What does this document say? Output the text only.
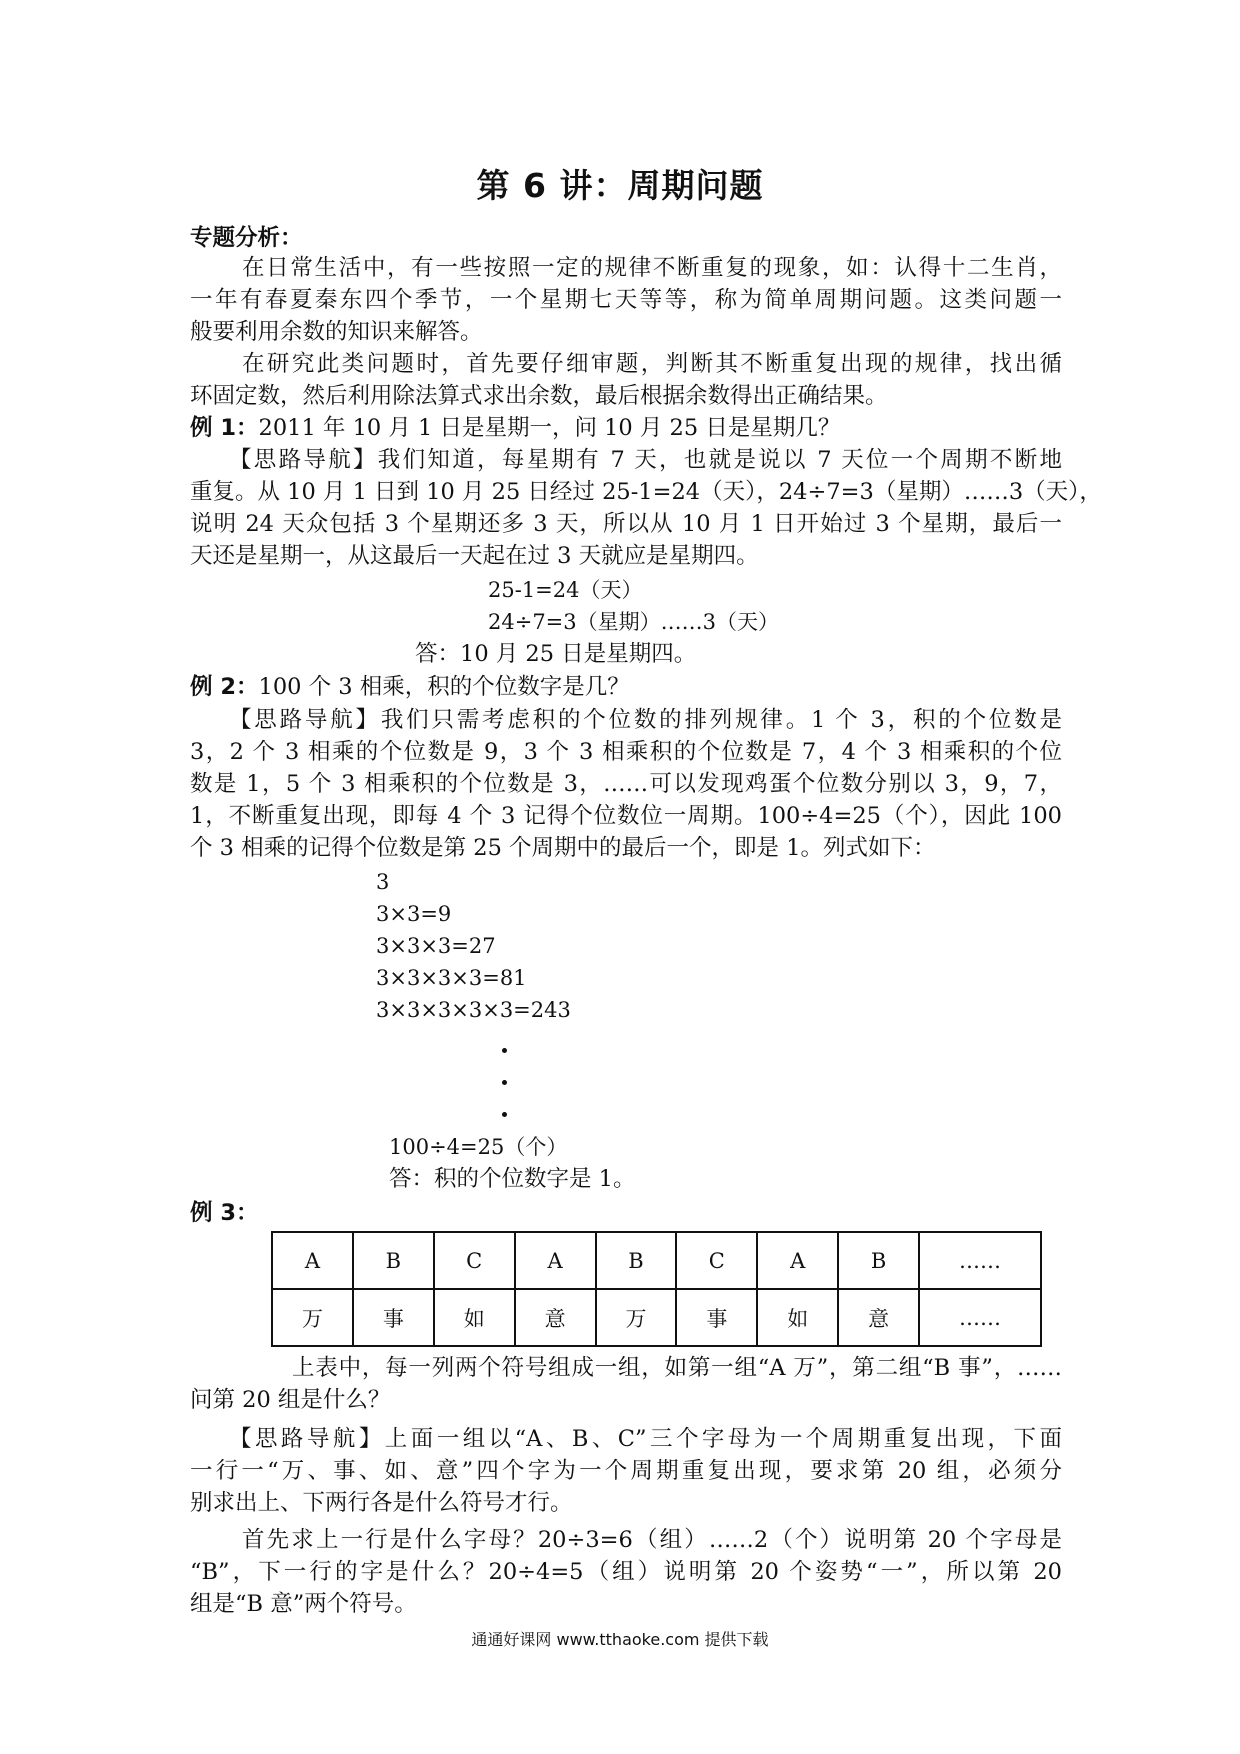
第 6 讲：周期问题
专题分析：
在日常生活中，有一些按照一定的规律不断重复的现象，如：认得十二生肖，
一年有春夏秦东四个季节，一个星期七天等等，称为简单周期问题。这类问题一
般要利用余数的知识来解答。
在研究此类问题时，首先要仔细审题，判断其不断重复出现的规律，找出循
环固定数，然后利用除法算式求出余数，最后根据余数得出正确结果。
例 1：2011 年 10 月 1 日是星期一，问 10 月 25 日是星期几？
【思路导航】我们知道，每星期有 7 天，也就是说以 7 天位一个周期不断地
重复。从 10 月 1 日到 10 月 25 日经过 25-1=24（天），24÷7=3（星期）……3（天），
说明 24 天众包括 3 个星期还多 3 天，所以从 10 月 1 日开始过 3 个星期，最后一
天还是星期一，从这最后一天起在过 3 天就应是星期四。
25-1=24（天）
24÷7=3（星期）……3（天）
答：10 月 25 日是星期四。
例 2：100 个 3 相乘，积的个位数字是几？
【思路导航】我们只需考虑积的个位数的排列规律。1 个 3，积的个位数是
3，2 个 3 相乘的个位数是 9，3 个 3 相乘积的个位数是 7，4 个 3 相乘积的个位
数是 1，5 个 3 相乘积的个位数是 3，……可以发现鸡蛋个位数分别以 3，9，7，
1，不断重复出现，即每 4 个 3 记得个位数位一周期。100÷4=25（个），因此 100
个 3 相乘的记得个位数是第 25 个周期中的最后一个，即是 1。列式如下：
3
3×3=9
3×3×3=27
3×3×3×3=81
3×3×3×3×3=243
100÷4=25（个）
答：积的个位数字是 1。
例 3：
A	B	C	A	B	C	A	B	……
万	事	如	意	万	事	如	意	……
上表中，每一列两个符号组成一组，如第一组“A 万”，第二组“B 事”，……
问第 20 组是什么？
【思路导航】上面一组以“A、B、C”三个字母为一个周期重复出现，下面
一行一“万、事、如、意”四个字为一个周期重复出现，要求第 20 组，必须分
别求出上、下两行各是什么符号才行。
首先求上一行是什么字母？20÷3=6（组）……2（个）说明第 20 个字母是
“B”，下一行的字是什么？20÷4=5（组）说明第 20 个姿势“一”，所以第 20
组是“B 意”两个符号。
通通好课网 www.tthaoke.com 提供下载
